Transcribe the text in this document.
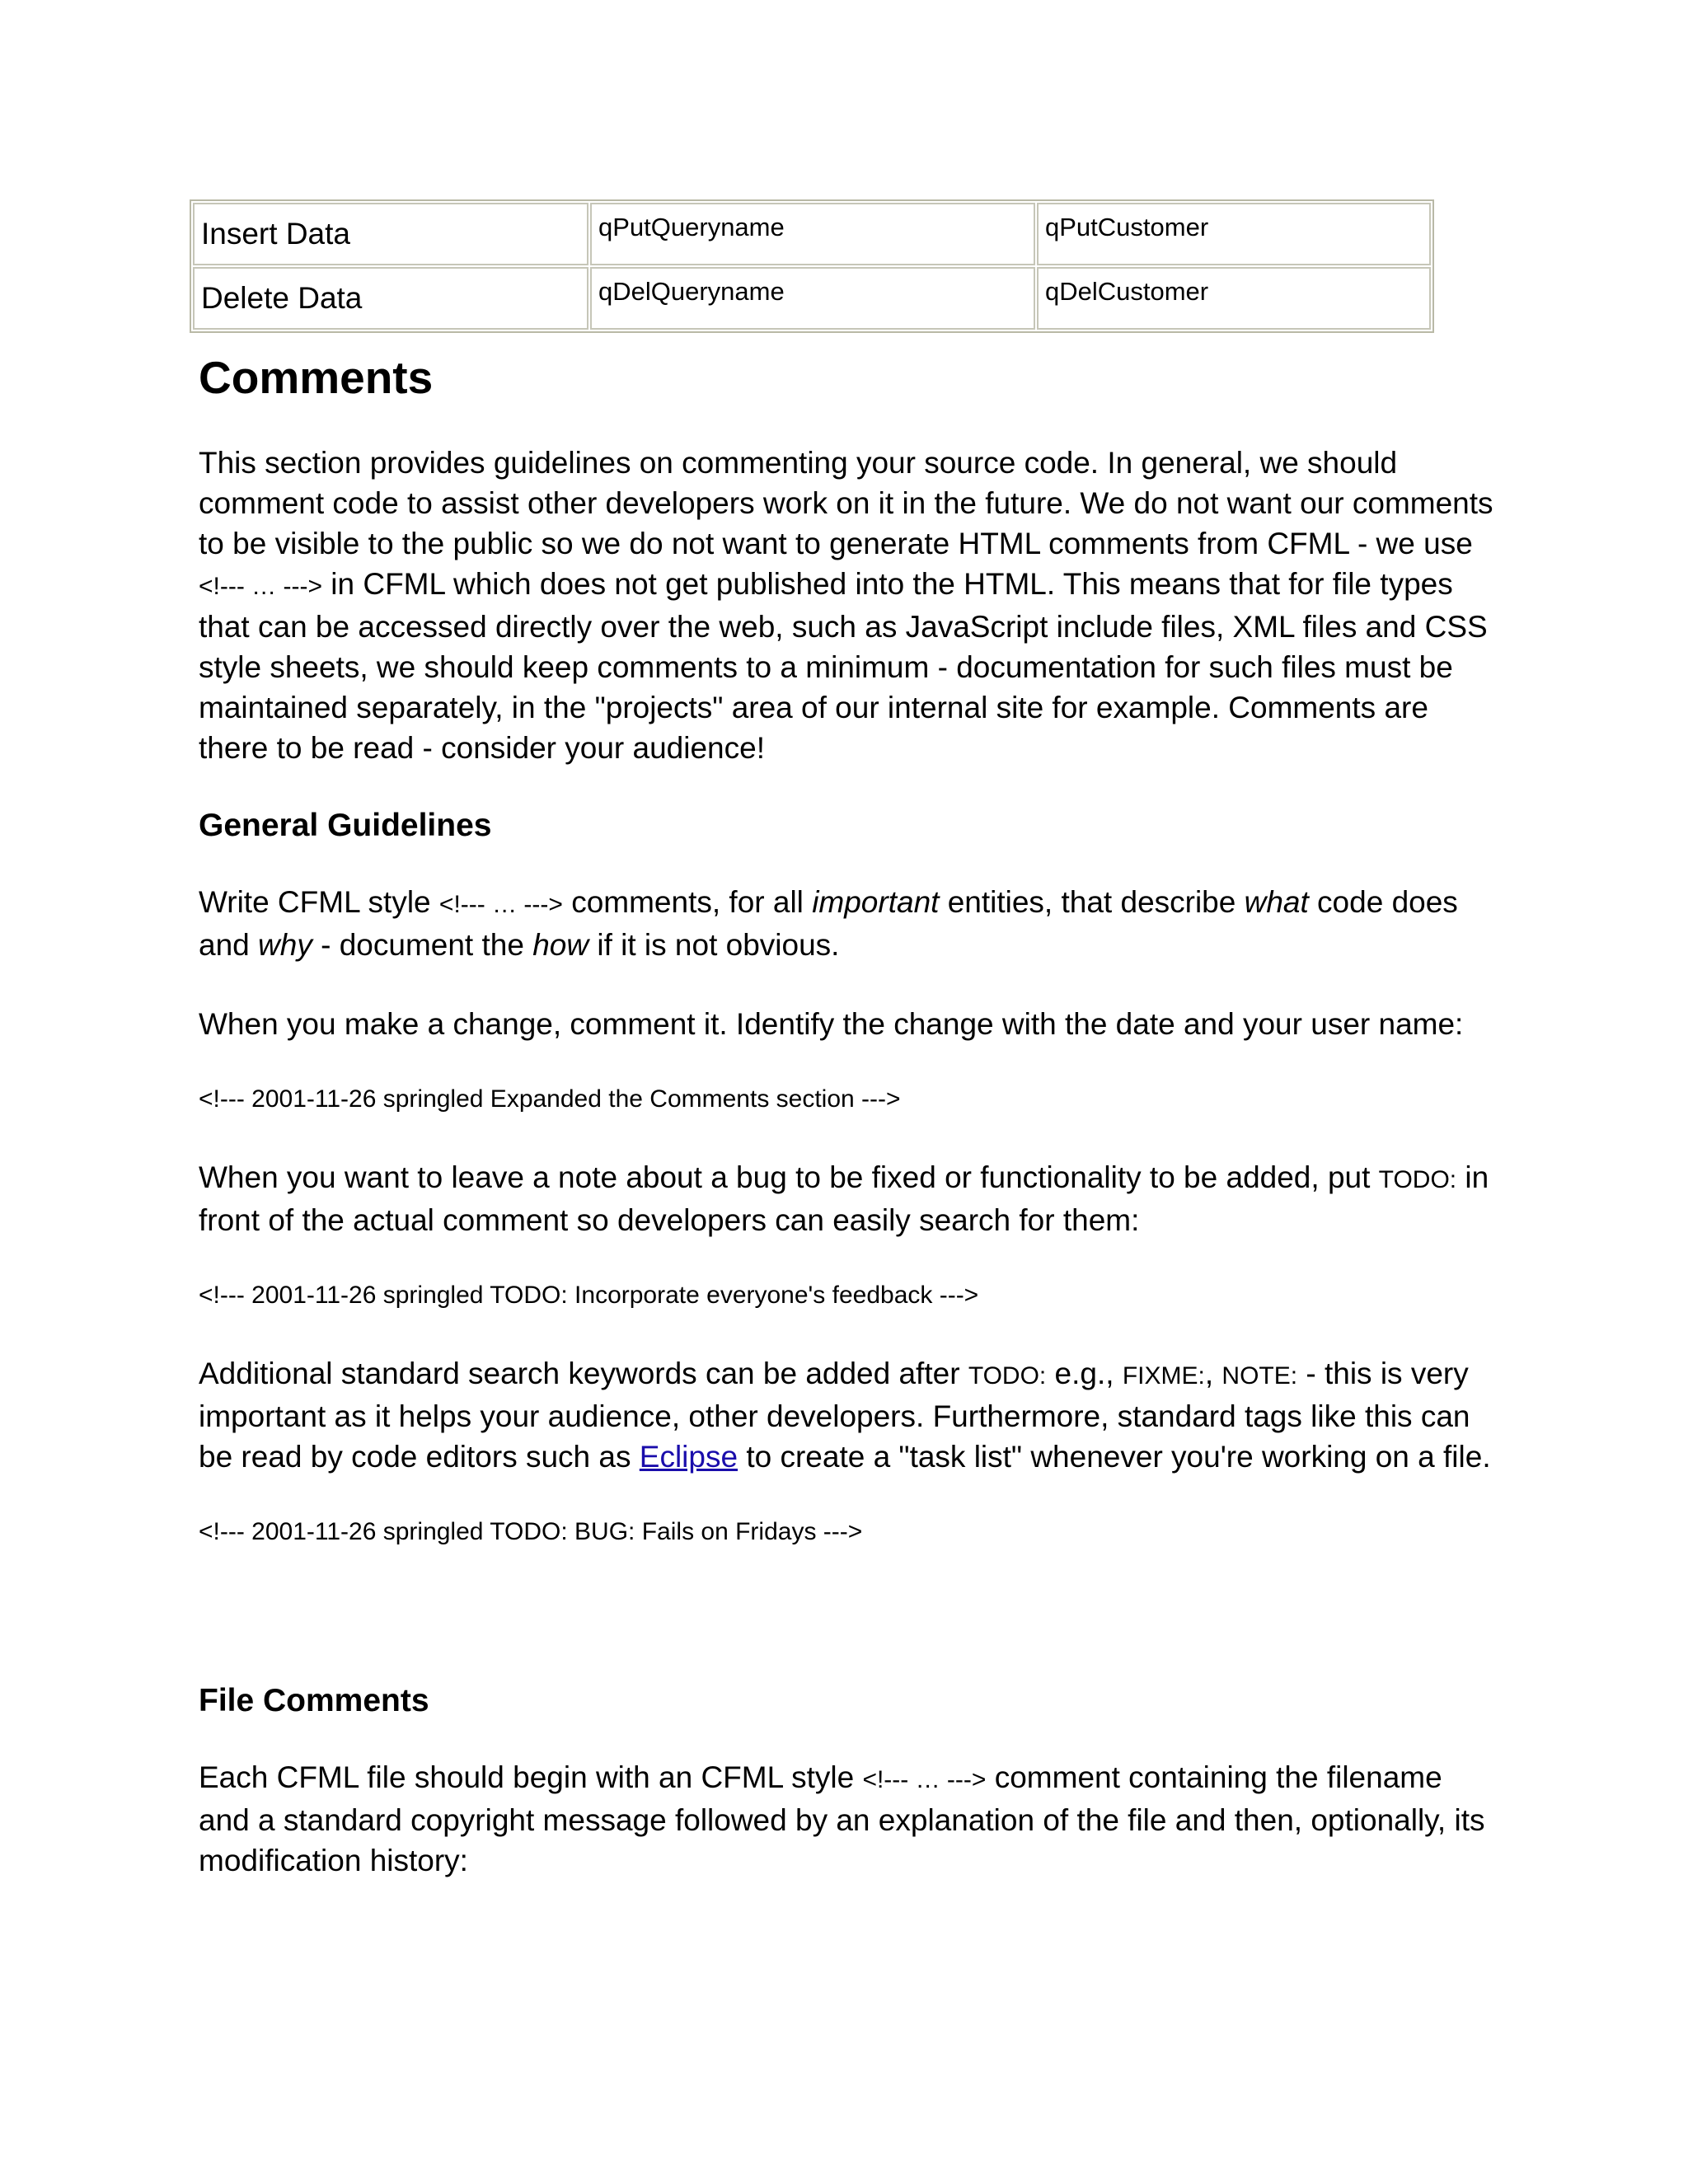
Insert Data	qPutQueryname	qPutCustomer
Delete Data	qDelQueryname	qDelCustomer
Comments

This section provides guidelines on commenting your source code. In general, we should comment code to assist other developers work on it in the future. We do not want our comments to be visible to the public so we do not want to generate HTML comments from CFML - we use <!--- … ---> in CFML which does not get published into the HTML. This means that for file types that can be accessed directly over the web, such as JavaScript include files, XML files and CSS style sheets, we should keep comments to a minimum - documentation for such files must be maintained separately, in the "projects" area of our internal site for example. Comments are there to be read - consider your audience!

General Guidelines

Write CFML style <!--- … ---> comments, for all important entities, that describe what code does and why - document the how if it is not obvious.

When you make a change, comment it. Identify the change with the date and your user name:

<!--- 2001-11-26 springled Expanded the Comments section --->

When you want to leave a note about a bug to be fixed or functionality to be added, put TODO: in front of the actual comment so developers can easily search for them:

<!--- 2001-11-26 springled TODO: Incorporate everyone's feedback --->

Additional standard search keywords can be added after TODO: e.g., FIXME:, NOTE: - this is very important as it helps your audience, other developers. Furthermore, standard tags like this can be read by code editors such as Eclipse to create a "task list" whenever you're working on a file.

<!--- 2001-11-26 springled TODO: BUG: Fails on Fridays --->

File Comments

Each CFML file should begin with an CFML style <!--- … ---> comment containing the filename and a standard copyright message followed by an explanation of the file and then, optionally, its modification history:
